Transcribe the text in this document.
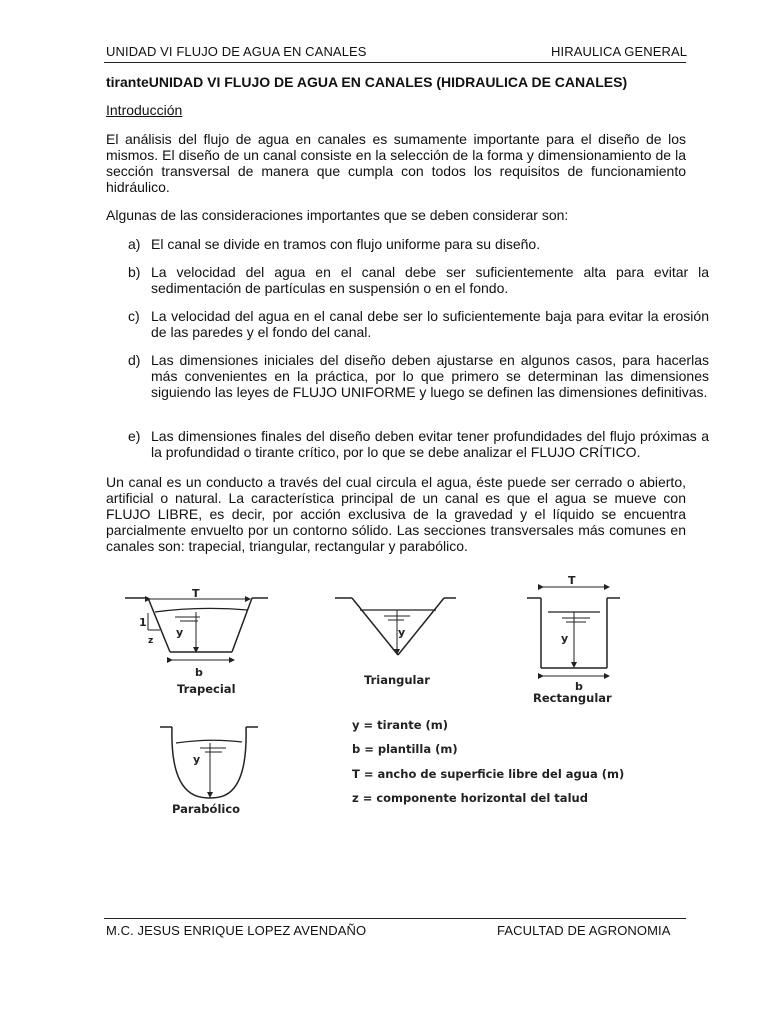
UNIDAD VI FLUJO DE AGUA EN CANALES	HIRAULICA GENERAL
tiranteUNIDAD VI FLUJO DE AGUA EN CANALES (HIDRAULICA DE CANALES)
Introducción
El análisis del flujo de agua en canales es sumamente importante para el diseño de los mismos. El diseño de un canal consiste en la selección de la forma y dimensionamiento de la sección transversal de manera que cumpla con todos los requisitos de funcionamiento hidráulico.
Algunas de las consideraciones importantes que se deben considerar son:
a) El canal se divide en tramos con flujo uniforme para su diseño.
b) La velocidad del agua en el canal debe ser suficientemente alta para evitar la sedimentación de partículas en suspensión o en el fondo.
c) La velocidad del agua en el canal debe ser lo suficientemente baja para evitar la erosión de las paredes y el fondo del canal.
d) Las dimensiones iniciales del diseño deben ajustarse en algunos casos, para hacerlas más convenientes en la práctica, por lo que primero se determinan las dimensiones siguiendo las leyes de FLUJO UNIFORME y luego se definen las dimensiones definitivas.
e) Las dimensiones finales del diseño deben evitar tener profundidades del flujo próximas a la profundidad o tirante crítico, por lo que se debe analizar el FLUJO CRÍTICO.
Un canal es un conducto a través del cual circula el agua, éste puede ser cerrado o abierto, artificial o natural. La característica principal de un canal es que el agua se mueve con FLUJO LIBRE, es decir, por acción exclusiva de la gravedad y el líquido se encuentra parcialmente envuelto por un contorno sólido. Las secciones transversales más comunes en canales son: trapecial, triangular, rectangular y parabólico.
T
y
b
1
z
y
T
y
b
y
Trapecial
Triangular
Rectangular
Parabólico
y = tirante (m)
b = plantilla (m)
T = ancho de superficie libre del agua (m)
z = componente horizontal del talud
M.C. JESUS ENRIQUE LOPEZ AVENDAÑO	FACULTAD DE AGRONOMIA
